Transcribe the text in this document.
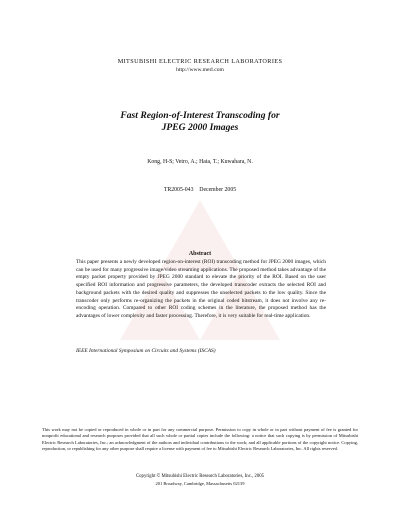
MITSUBISHI ELECTRIC RESEARCH LABORATORIES
http://www.merl.com
Fast Region-of-Interest Transcoding for
JPEG 2000 Images
Kong, H-S; Vetro, A.; Hata, T.; Kuwahara, N.
TR2005-043    December 2005
Abstract
This paper presents a newly developed region-on-interest (ROI) transcoding method for JPEG 2000 images, which can be used for many progressive image/video streaming applications. The proposed method takes advantage of the empty packet property provided by JPEG 2000 standard to elevate the priority of the ROI. Based on the user specified ROI information and progressive parameters, the developed transcoder extracts the selected ROI and background packets with the desired quality and suppresses the unselected packets to the low quality. Since the transcoder only performs re-organizing the packets in the original coded bitstream, it does not involve any re-encoding operation. Compared to other ROI coding schemes in the literature, the proposed method has the advantages of lower complexity and faster processing. Therefore, it is very suitable for real-time application.
IEEE International Symposium on Circuits and Systems (ISCAS)
This work may not be copied or reproduced in whole or in part for any commercial purpose. Permission to copy in whole or in part without payment of fee is granted for nonprofit educational and research purposes provided that all such whole or partial copies include the following: a notice that such copying is by permission of Mitsubishi Electric Research Laboratories, Inc.; an acknowledgment of the authors and individual contributions to the work; and all applicable portions of the copyright notice. Copying, reproduction, or republishing for any other purpose shall require a license with payment of fee to Mitsubishi Electric Research Laboratories, Inc. All rights reserved.
Copyright © Mitsubishi Electric Research Laboratories, Inc., 2005
201 Broadway, Cambridge, Massachusetts 02139
